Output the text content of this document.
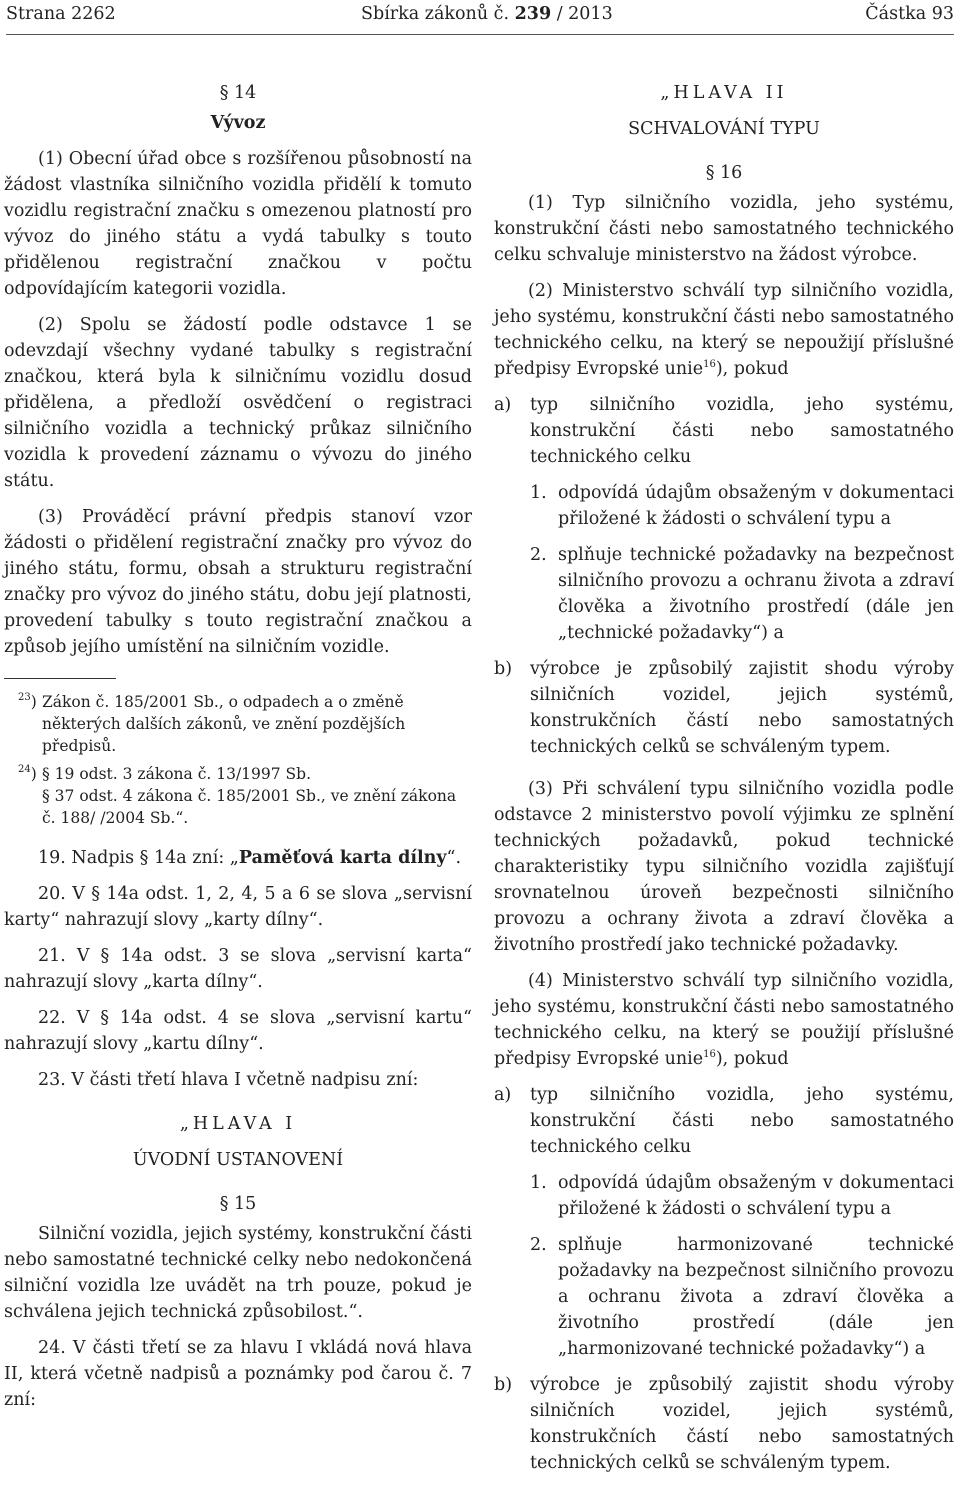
Strana 2262	Sbírka zákonů č. 239 / 2013	Částka 93

§ 14

Vývoz

(1) Obecní úřad obce s rozšířenou působností na žádost vlastníka silničního vozidla přidělí k tomuto vozidlu registrační značku s omezenou platností pro vývoz do jiného státu a vydá tabulky s touto přidělenou registrační značkou v počtu odpovídajícím kategorii vozidla.

(2) Spolu se žádostí podle odstavce 1 se odevzdají všechny vydané tabulky s registrační značkou, která byla k silničnímu vozidlu dosud přidělena, a předloží osvědčení o registraci silničního vozidla a technický průkaz silničního vozidla k provedení záznamu o vývozu do jiného státu.

(3) Prováděcí právní předpis stanoví vzor žádosti o přidělení registrační značky pro vývoz do jiného státu, formu, obsah a strukturu registrační značky pro vývoz do jiného státu, dobu její platnosti, provedení tabulky s touto registrační značkou a způsob jejího umístění na silničním vozidle.

$^{23}$) Zákon č. 185/2001 Sb., o odpadech a o změně některých dalších zákonů, ve znění pozdějších předpisů.
$^{24}$) § 19 odst. 3 zákona č. 13/1997 Sb.
§ 37 odst. 4 zákona č. 185/2001 Sb., ve znění zákona č. 188/ /2004 Sb.“.

19. Nadpis § 14a zní: „Paměťová karta dílny“.

20. V § 14a odst. 1, 2, 4, 5 a 6 se slova „servisní karty“ nahrazují slovy „karty dílny“.

21. V § 14a odst. 3 se slova „servisní karta“ nahrazují slovy „karta dílny“.

22. V § 14a odst. 4 se slova „servisní kartu“ nahrazují slovy „kartu dílny“.

23. V části třetí hlava I včetně nadpisu zní:

„HLAVA I

ÚVODNÍ USTANOVENÍ

§ 15

Silniční vozidla, jejich systémy, konstrukční části nebo samostatné technické celky nebo nedokončená silniční vozidla lze uvádět na trh pouze, pokud je schválena jejich technická způsobilost.“.

24. V části třetí se za hlavu I vkládá nová hlava II, která včetně nadpisů a poznámky pod čarou č. 7 zní:

„HLAVA II

SCHVALOVÁNÍ TYPU

§ 16

(1) Typ silničního vozidla, jeho systému, konstrukční části nebo samostatného technického celku schvaluje ministerstvo na žádost výrobce.

(2) Ministerstvo schválí typ silničního vozidla, jeho systému, konstrukční části nebo samostatného technického celku, na který se nepoužijí příslušné předpisy Evropské unie$^{16}$), pokud

a)	typ silničního vozidla, jeho systému, konstrukční části nebo samostatného technického celku
1. odpovídá údajům obsaženým v dokumentaci přiložené k žádosti o schválení typu a
2. splňuje technické požadavky na bezpečnost silničního provozu a ochranu života a zdraví člověka a životního prostředí (dále jen „technické požadavky“) a
b)	výrobce je způsobilý zajistit shodu výroby silničních vozidel, jejich systémů, konstrukčních částí nebo samostatných technických celků se schváleným typem.

(3) Při schválení typu silničního vozidla podle odstavce 2 ministerstvo povolí výjimku ze splnění technických požadavků, pokud technické charakteristiky typu silničního vozidla zajišťují srovnatelnou úroveň bezpečnosti silničního provozu a ochrany života a zdraví člověka a životního prostředí jako technické požadavky.

(4) Ministerstvo schválí typ silničního vozidla, jeho systému, konstrukční části nebo samostatného technického celku, na který se použijí příslušné předpisy Evropské unie$^{16}$), pokud

a)	typ silničního vozidla, jeho systému, konstrukční části nebo samostatného technického celku
1. odpovídá údajům obsaženým v dokumentaci přiložené k žádosti o schválení typu a
2. splňuje harmonizované technické požadavky na bezpečnost silničního provozu a ochranu života a zdraví člověka a životního prostředí (dále jen „harmonizované technické požadavky“) a
b)	výrobce je způsobilý zajistit shodu výroby silničních vozidel, jejich systémů, konstrukčních částí nebo samostatných technických celků se schváleným typem.
